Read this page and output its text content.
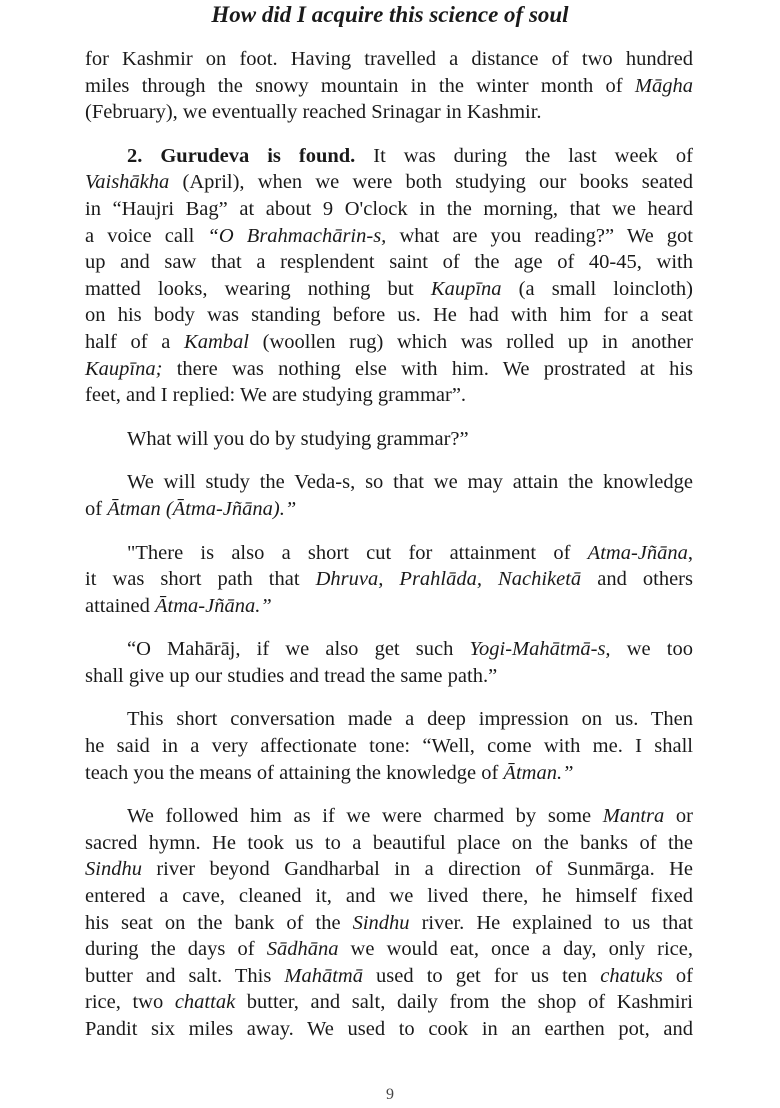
How did I acquire this science of soul
for Kashmir on foot. Having travelled a distance of two hundred
miles through the snowy mountain in the winter month of Māgha
(February), we eventually reached Srinagar in Kashmir.
2. Gurudeva is found. It was during the last week of
Vaishākha (April), when we were both studying our books seated
in “Haujri Bag” at about 9 O'clock in the morning, that we heard
a voice call “O Brahmachārin-s, what are you reading?” We got
up and saw that a resplendent saint of the age of 40-45, with
matted looks, wearing nothing but Kaupīna (a small loincloth)
on his body was standing before us. He had with him for a seat
half of a Kambal (woollen rug) which was rolled up in another
Kaupīna; there was nothing else with him. We prostrated at his
feet, and I replied: We are studying grammar”.
What will you do by studying grammar?”
We will study the Veda-s, so that we may attain the knowledge
of Ātman (Ātma-Jñāna).”
"There is also a short cut for attainment of Atma-Jñāna,
it was short path that Dhruva, Prahlāda, Nachiketā and others
attained Ātma-Jñāna.”
“O Mahārāj, if we also get such Yogi-Mahātmā-s, we too
shall give up our studies and tread the same path.”
This short conversation made a deep impression on us. Then
he said in a very affectionate tone: “Well, come with me. I shall
teach you the means of attaining the knowledge of Ātman.”
We followed him as if we were charmed by some Mantra or
sacred hymn. He took us to a beautiful place on the banks of the
Sindhu river beyond Gandharbal in a direction of Sunmārga. He
entered a cave, cleaned it, and we lived there, he himself fixed
his seat on the bank of the Sindhu river. He explained to us that
during the days of Sādhāna we would eat, once a day, only rice,
butter and salt. This Mahātmā used to get for us ten chatuks of
rice, two chattak butter, and salt, daily from the shop of Kashmiri
Pandit six miles away. We used to cook in an earthen pot, and
9
